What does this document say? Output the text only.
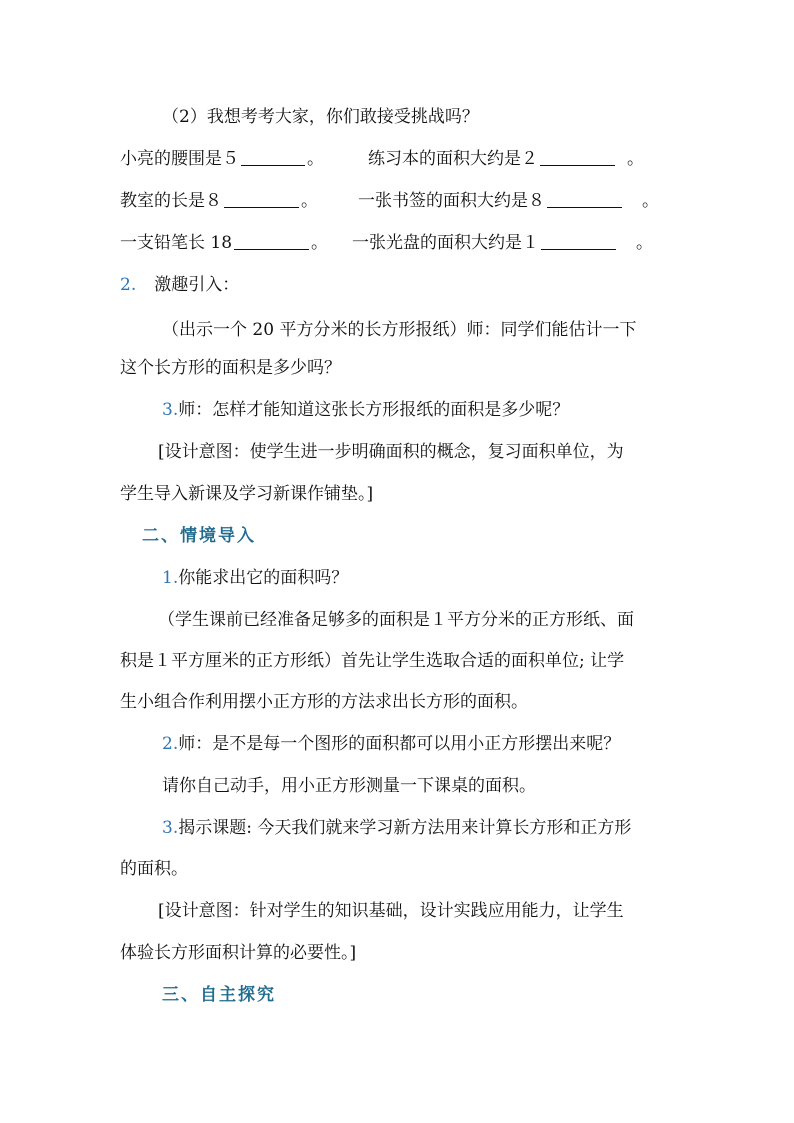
（2）我想考考大家，你们敢接受挑战吗？
小亮的腰围是５	。	练习本的面积大约是２	。
教室的长是８	。 一张书签的面积大约是８	。
一支铅笔长 18	。 一张光盘的面积大约是１	。
2. 激趣引入：
（出示一个 20 平方分米的长方形报纸）师：同学们能估计一下
这个长方形的面积是多少吗？
3.师：怎样才能知道这张长方形报纸的面积是多少呢？
[设计意图：使学生进一步明确面积的概念，复习面积单位，为
学生导入新课及学习新课作铺垫。]
二、情境导入
1.你能求出它的面积吗？
（学生课前已经准备足够多的面积是１平方分米的正方形纸、面
积是１平方厘米的正方形纸）首先让学生选取合适的面积单位; 让学
生小组合作利用摆小正方形的方法求出长方形的面积。
2.师：是不是每一个图形的面积都可以用小正方形摆出来呢？
请你自己动手，用小正方形测量一下课桌的面积。
3.揭示课题: 今天我们就来学习新方法用来计算长方形和正方形
的面积。
[设计意图：针对学生的知识基础，设计实践应用能力，让学生
体验长方形面积计算的必要性。]
三、自主探究
